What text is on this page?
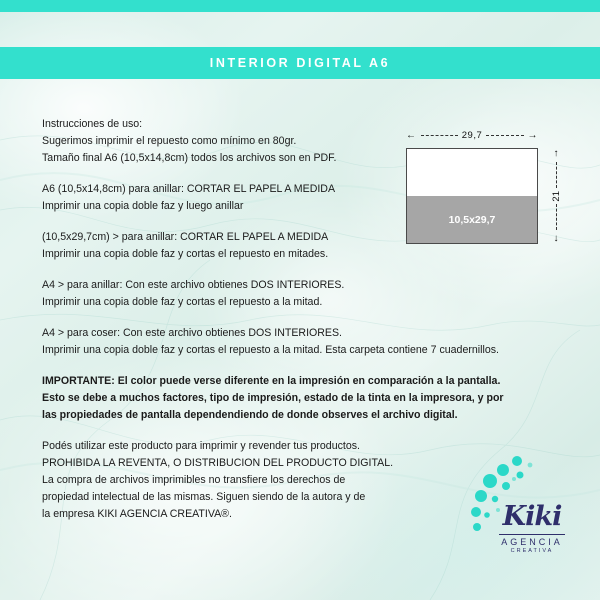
INTERIOR DIGITAL A6
Instrucciones de uso:
Sugerimos imprimir el repuesto como mínimo en 80gr.
Tamaño final A6 (10,5x14,8cm) todos los archivos son en PDF.
A6 (10,5x14,8cm) para anillar: CORTAR EL PAPEL A MEDIDA
Imprimir una copia doble faz y luego anillar
(10,5x29,7cm) > para anillar: CORTAR EL PAPEL A MEDIDA
Imprimir una copia doble faz y cortas el repuesto en mitades.
A4 > para anillar: Con este archivo obtienes DOS INTERIORES.
Imprimir una copia doble faz y cortas el repuesto a la mitad.
A4 > para coser: Con este archivo obtienes DOS INTERIORES.
Imprimir una copia doble faz y cortas el repuesto a la mitad. Esta carpeta contiene 7 cuadernillos.
IMPORTANTE: El color puede verse diferente en la impresión en comparación a la pantalla.
Esto se debe a muchos factores, tipo de impresión, estado de la tinta en la impresora, y por
las propiedades de pantalla dependendiendo de donde observes el archivo digital.
Podés utilizar este producto para imprimir y revender tus productos.
PROHIBIDA LA REVENTA, O DISTRIBUCION DEL PRODUCTO DIGITAL.
La compra de archivos imprimibles no transfiere los derechos de
propiedad intelectual de las mismas. Siguen siendo de la autora y de
la empresa KIKI AGENCIA CREATIVA®.
←
29,7
→
10,5x29,7
↑
21
↓
Kiki
AGENCIA
CREATIVA
